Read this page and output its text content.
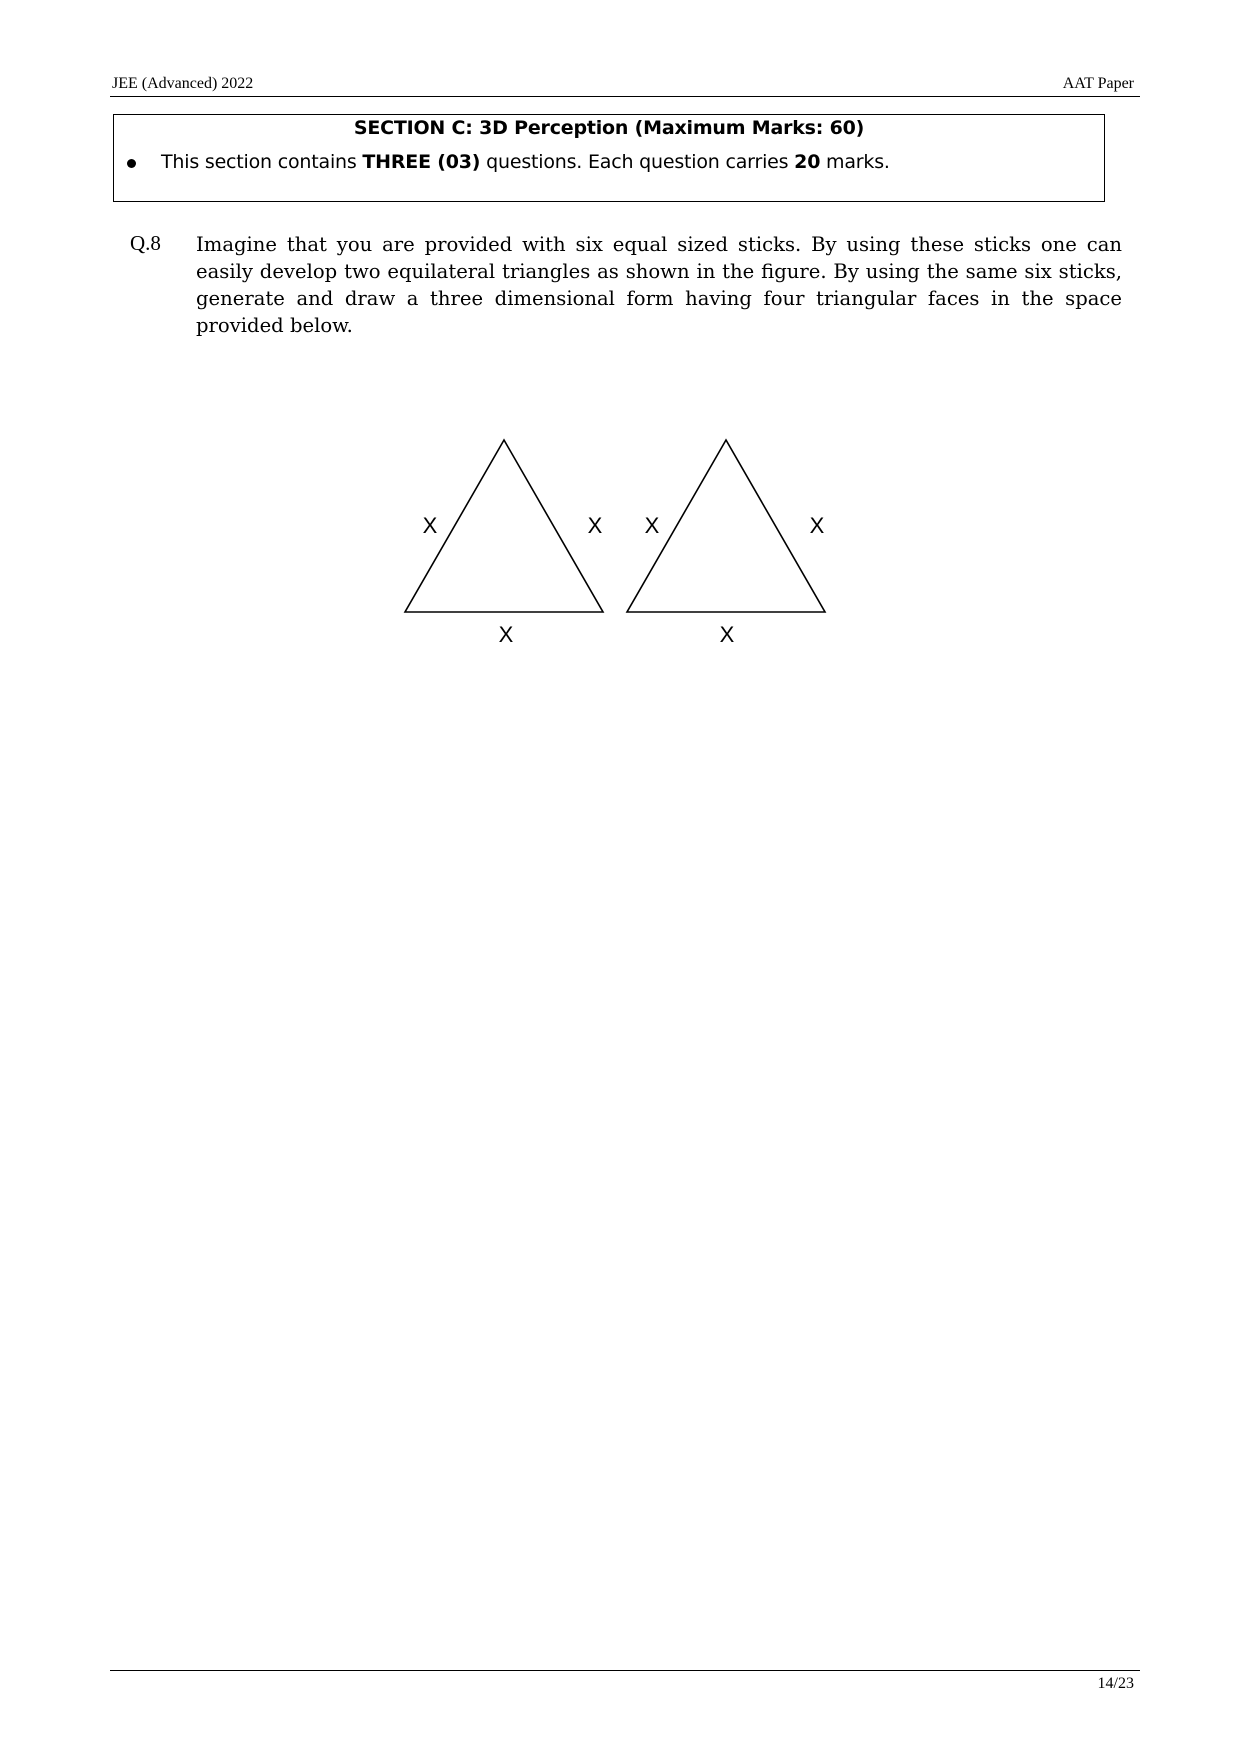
JEE (Advanced) 2022	AAT Paper
SECTION C: 3D Perception (Maximum Marks: 60)
This section contains THREE (03) questions. Each question carries 20 marks.
Q.8 Imagine that you are provided with six equal sized sticks. By using these sticks one can easily develop two equilateral triangles as shown in the figure. By using the same six sticks, generate and draw a three dimensional form having four triangular faces in the space provided below.
X	X
X
X	X
X
14/23
